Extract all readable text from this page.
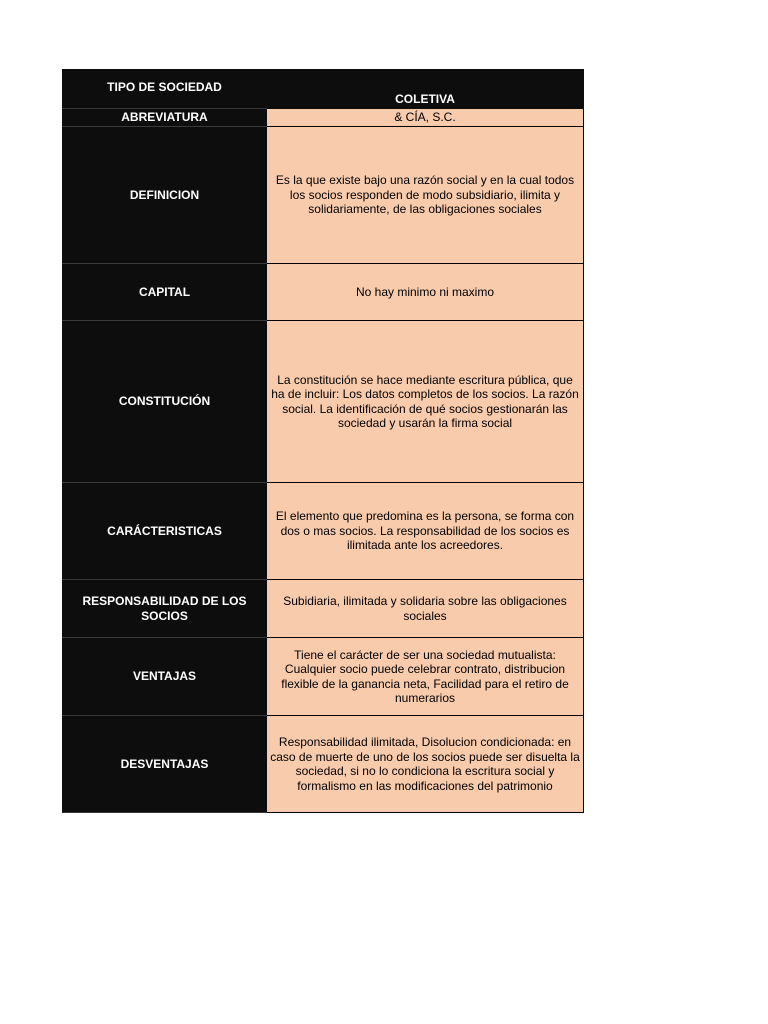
TIPO DE SOCIEDAD	COLETIVA
ABREVIATURA	& CÍA, S.C.
DEFINICION	Es la que existe bajo una razón social y en la cual todos los socios responden de modo subsidiario, ilimita y solidariamente, de las obligaciones sociales
CAPITAL	No hay minimo ni maximo
CONSTITUCIÓN	La constitución se hace mediante escritura pública, que ha de incluir: Los datos completos de los socios. La razón social. La identificación de qué socios gestionarán las sociedad y usarán la firma social
CARÁCTERISTICAS	El elemento que predomina es la persona, se forma con dos o mas socios. La responsabilidad de los socios es ilimitada ante los acreedores.
RESPONSABILIDAD DE LOS SOCIOS	Subidiaria, ilimitada y solidaria sobre las obligaciones sociales
VENTAJAS	Tiene el carácter de ser una sociedad mutualista: Cualquier socio puede celebrar contrato, distribucion flexible de la ganancia neta, Facilidad para el retiro de numerarios
DESVENTAJAS	Responsabilidad ilimitada, Disolucion condicionada: en caso de muerte de uno de los socios puede ser disuelta la sociedad, si no lo condiciona la escritura social y formalismo en las modificaciones del patrimonio
